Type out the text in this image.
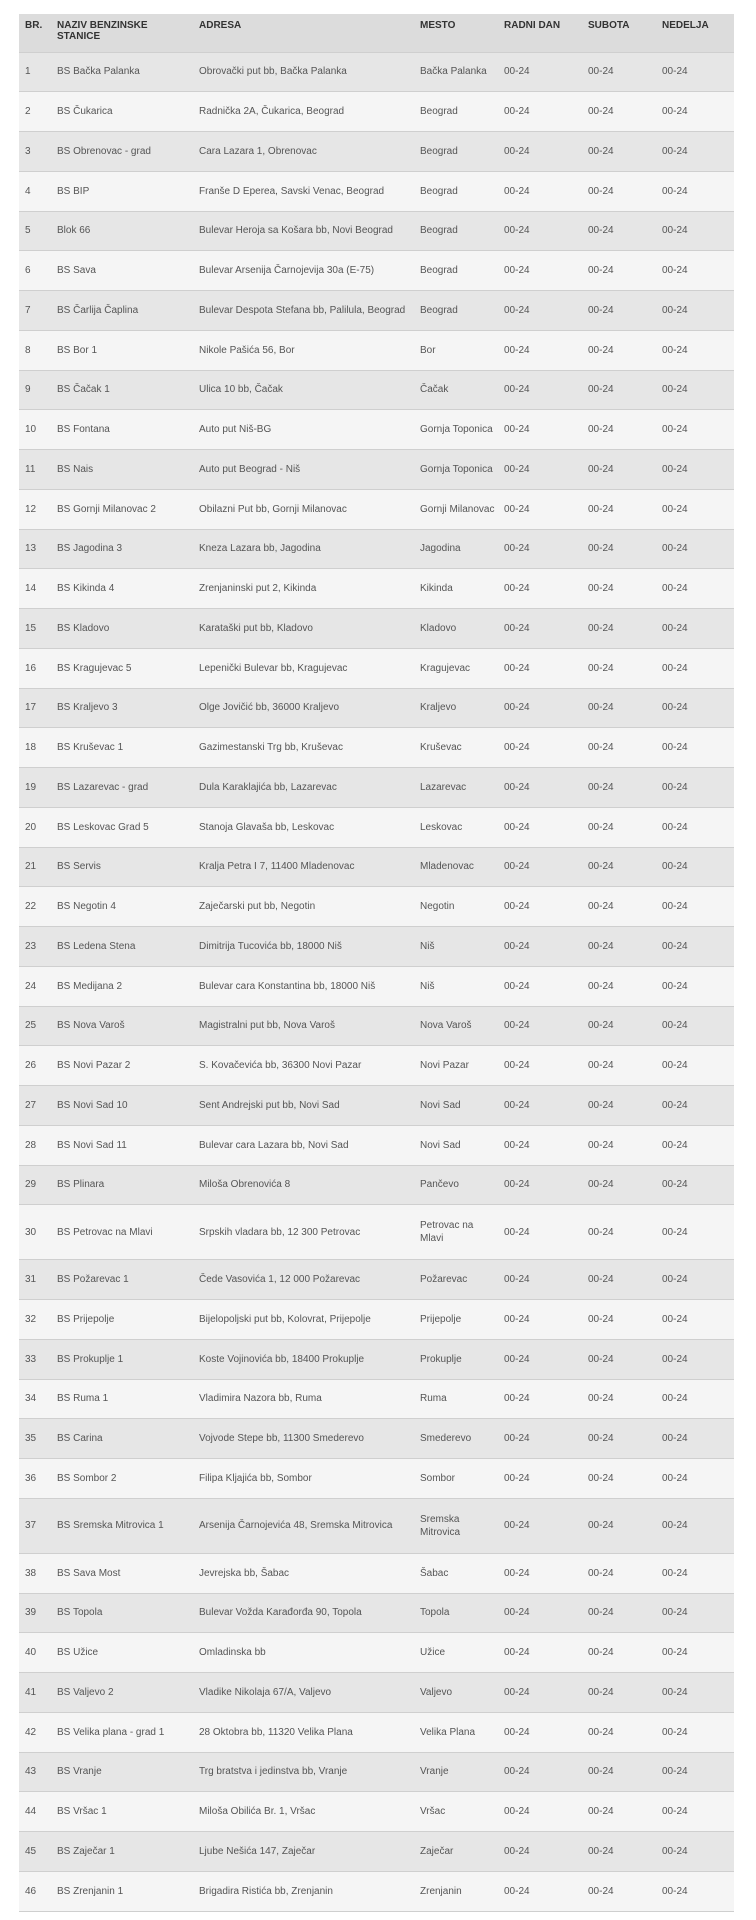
BR.	NAZIV BENZINSKE STANICE	ADRESA	MESTO	RADNI DAN	SUBOTA	NEDELJA
1	BS Bačka Palanka	Obrovački put bb, Bačka Palanka	Bačka Palanka	00-24	00-24	00-24
2	BS Čukarica	Radnička 2A, Čukarica, Beograd	Beograd	00-24	00-24	00-24
3	BS Obrenovac - grad	Cara Lazara 1, Obrenovac	Beograd	00-24	00-24	00-24
4	BS BIP	Franše D Eperea, Savski Venac, Beograd	Beograd	00-24	00-24	00-24
5	Blok 66	Bulevar Heroja sa Košara bb, Novi Beograd	Beograd	00-24	00-24	00-24
6	BS Sava	Bulevar Arsenija Čarnojevija 30a (E-75)	Beograd	00-24	00-24	00-24
7	BS Čarlija Čaplina	Bulevar Despota Stefana bb, Palilula, Beograd	Beograd	00-24	00-24	00-24
8	BS Bor 1	Nikole Pašića 56, Bor	Bor	00-24	00-24	00-24
9	BS Čačak 1	Ulica 10 bb, Čačak	Čačak	00-24	00-24	00-24
10	BS Fontana	Auto put Niš-BG	Gornja Toponica	00-24	00-24	00-24
11	BS Nais	Auto put Beograd - Niš	Gornja Toponica	00-24	00-24	00-24
12	BS Gornji Milanovac 2	Obilazni Put bb, Gornji Milanovac	Gornji Milanovac	00-24	00-24	00-24
13	BS Jagodina 3	Kneza Lazara bb, Jagodina	Jagodina	00-24	00-24	00-24
14	BS Kikinda 4	Zrenjaninski put 2, Kikinda	Kikinda	00-24	00-24	00-24
15	BS Kladovo	Karataški put bb, Kladovo	Kladovo	00-24	00-24	00-24
16	BS Kragujevac 5	Lepenički Bulevar bb, Kragujevac	Kragujevac	00-24	00-24	00-24
17	BS Kraljevo 3	Olge Jovičić bb, 36000 Kraljevo	Kraljevo	00-24	00-24	00-24
18	BS Kruševac 1	Gazimestanski Trg bb, Kruševac	Kruševac	00-24	00-24	00-24
19	BS Lazarevac - grad	Dula Karaklajića bb, Lazarevac	Lazarevac	00-24	00-24	00-24
20	BS Leskovac Grad 5	Stanoja Glavaša bb, Leskovac	Leskovac	00-24	00-24	00-24
21	BS Servis	Kralja Petra I 7, 11400 Mladenovac	Mladenovac	00-24	00-24	00-24
22	BS Negotin 4	Zaječarski put bb, Negotin	Negotin	00-24	00-24	00-24
23	BS Ledena Stena	Dimitrija Tucovića bb, 18000 Niš	Niš	00-24	00-24	00-24
24	BS Medijana 2	Bulevar cara Konstantina bb, 18000 Niš	Niš	00-24	00-24	00-24
25	BS Nova Varoš	Magistralni put bb, Nova Varoš	Nova Varoš	00-24	00-24	00-24
26	BS Novi Pazar 2	S. Kovačevića bb, 36300 Novi Pazar	Novi Pazar	00-24	00-24	00-24
27	BS Novi Sad 10	Sent Andrejski put bb, Novi Sad	Novi Sad	00-24	00-24	00-24
28	BS Novi Sad 11	Bulevar cara Lazara bb, Novi Sad	Novi Sad	00-24	00-24	00-24
29	BS Plinara	Miloša Obrenovića 8	Pančevo	00-24	00-24	00-24
30	BS Petrovac na Mlavi	Srpskih vladara bb, 12 300 Petrovac	Petrovac na Mlavi	00-24	00-24	00-24
31	BS Požarevac 1	Čede Vasovića 1, 12 000 Požarevac	Požarevac	00-24	00-24	00-24
32	BS Prijepolje	Bijelopoljski put bb, Kolovrat, Prijepolje	Prijepolje	00-24	00-24	00-24
33	BS Prokuplje 1	Koste Vojinovića bb, 18400 Prokuplje	Prokuplje	00-24	00-24	00-24
34	BS Ruma 1	Vladimira Nazora bb, Ruma	Ruma	00-24	00-24	00-24
35	BS Carina	Vojvode Stepe bb, 11300 Smederevo	Smederevo	00-24	00-24	00-24
36	BS Sombor 2	Filipa Kljajića bb, Sombor	Sombor	00-24	00-24	00-24
37	BS Sremska Mitrovica 1	Arsenija Čarnojevića 48, Sremska Mitrovica	Sremska Mitrovica	00-24	00-24	00-24
38	BS Sava Most	Jevrejska bb, Šabac	Šabac	00-24	00-24	00-24
39	BS Topola	Bulevar Vožda Karađorđa 90, Topola	Topola	00-24	00-24	00-24
40	BS Užice	Omladinska bb	Užice	00-24	00-24	00-24
41	BS Valjevo 2	Vladike Nikolaja 67/A, Valjevo	Valjevo	00-24	00-24	00-24
42	BS Velika plana - grad 1	28 Oktobra bb, 11320 Velika Plana	Velika Plana	00-24	00-24	00-24
43	BS Vranje	Trg bratstva i jedinstva bb, Vranje	Vranje	00-24	00-24	00-24
44	BS Vršac 1	Miloša Obilića Br. 1, Vršac	Vršac	00-24	00-24	00-24
45	BS Zaječar 1	Ljube Nešića 147, Zaječar	Zaječar	00-24	00-24	00-24
46	BS Zrenjanin 1	Brigadira Ristića bb, Zrenjanin	Zrenjanin	00-24	00-24	00-24
